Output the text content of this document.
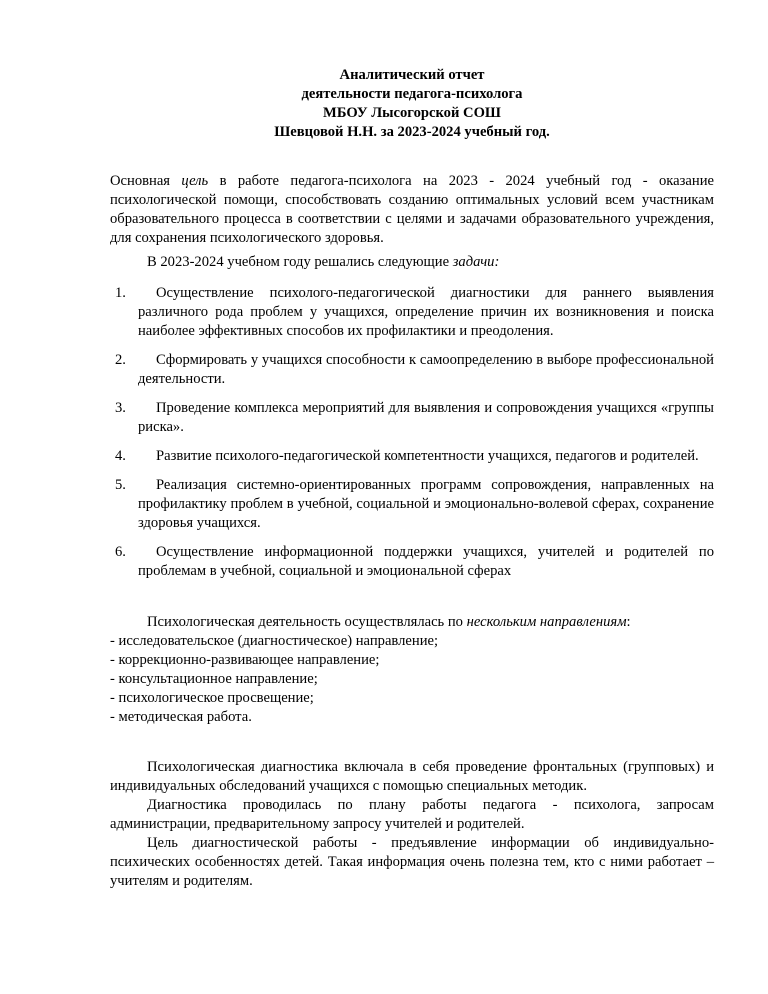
Аналитический отчет
деятельности педагога-психолога
МБОУ Лысогорской СОШ
Шевцовой Н.Н. за 2023-2024 учебный год.

Основная цель в работе педагога-психолога на 2023 - 2024 учебный год - оказание психологической помощи, способствовать созданию оптимальных условий всем участникам образовательного процесса в соответствии с целями и задачами образовательного учреждения, для сохранения психологического здоровья.

В 2023-2024 учебном году решались следующие задачи:

1.	Осуществление психолого-педагогической диагностики для раннего выявления различного рода проблем у учащихся, определение причин их возникновения и поиска наиболее эффективных способов их профилактики и преодоления.
2.	Сформировать у учащихся способности к самоопределению в выборе профессиональной деятельности.
3.	Проведение комплекса мероприятий для выявления и сопровождения учащихся «группы риска».
4.	Развитие психолого-педагогической компетентности учащихся, педагогов и родителей.
5.	Реализация системно-ориентированных программ сопровождения, направленных на профилактику проблем в учебной, социальной и эмоционально-волевой сферах, сохранение здоровья учащихся.
6.	Осуществление информационной поддержки учащихся, учителей и родителей по проблемам в учебной, социальной и эмоциональной сферах

Психологическая деятельность осуществлялась по нескольким направлениям:

- исследовательское (диагностическое) направление;
- коррекционно-развивающее направление;
- консультационное направление;
- психологическое просвещение;
- методическая работа.

Психологическая диагностика включала в себя проведение фронтальных (групповых) и индивидуальных обследований учащихся с помощью специальных методик.

Диагностика проводилась по плану работы педагога - психолога, запросам администрации, предварительному запросу учителей и родителей.

Цель диагностической работы - предъявление информации об индивидуально-психических особенностях детей. Такая информация очень полезна тем, кто с ними работает – учителям и родителям.
